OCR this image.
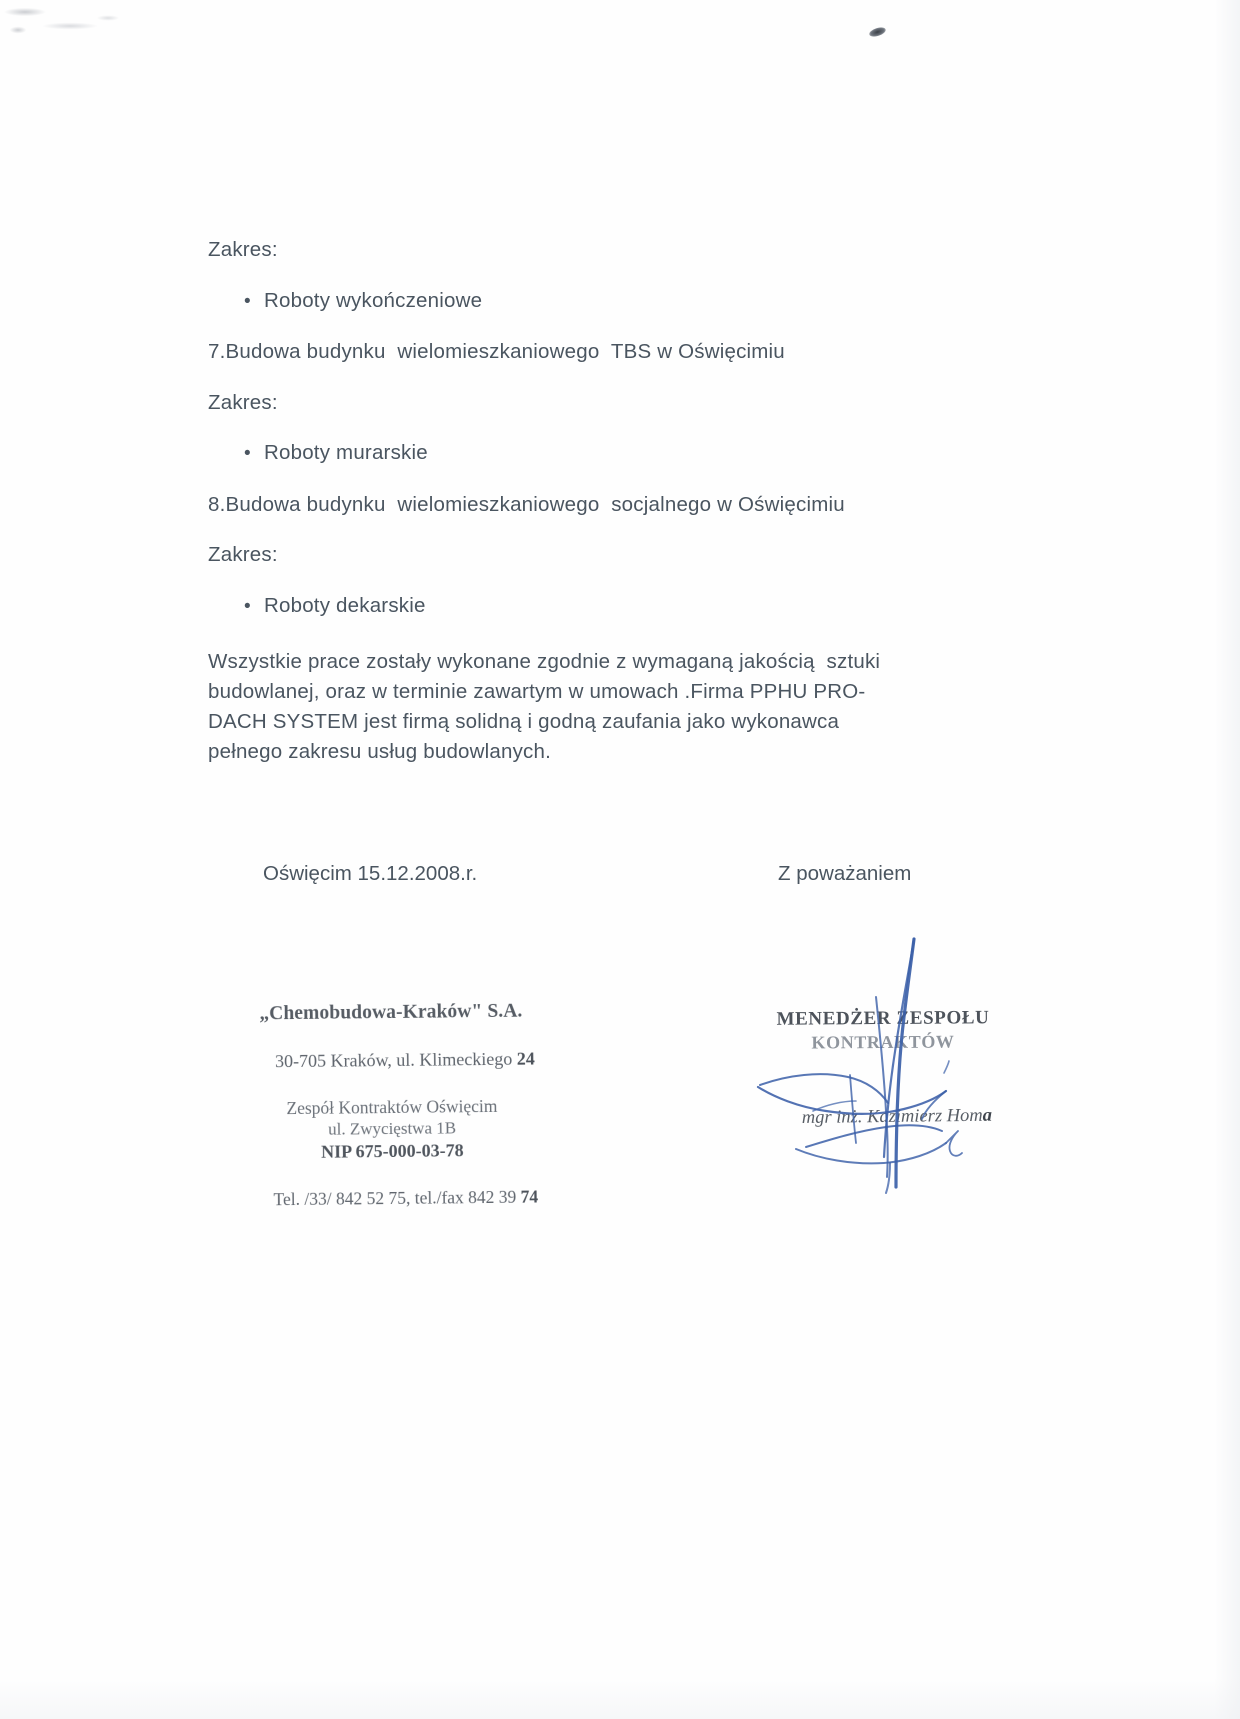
Zakres:
• Roboty wykończeniowe
7.Budowa budynku  wielomieszkaniowego  TBS w Oświęcimiu
Zakres:
• Roboty murarskie
8.Budowa budynku  wielomieszkaniowego  socjalnego w Oświęcimiu
Zakres:
• Roboty dekarskie
Wszystkie prace zostały wykonane zgodnie z wymaganą jakością  sztuki
budowlanej, oraz w terminie zawartym w umowach .Firma PPHU PRO-
DACH SYSTEM jest firmą solidną i godną zaufania jako wykonawca
pełnego zakresu usług budowlanych.
Oświęcim 15.12.2008.r.	Z poważaniem
„Chemobudowa-Kraków" S.A.

30-705 Kraków, ul. Klimeckiego 24

Zespół Kontraktów Oświęcim
ul. Zwycięstwa 1B
NIP 675-000-03-78

Tel. /33/ 842 52 75, tel./fax 842 39 74

MENEDŻER ZESPOŁU
KONTRAKTÓW

mgr inż. Kazimierz Homa
